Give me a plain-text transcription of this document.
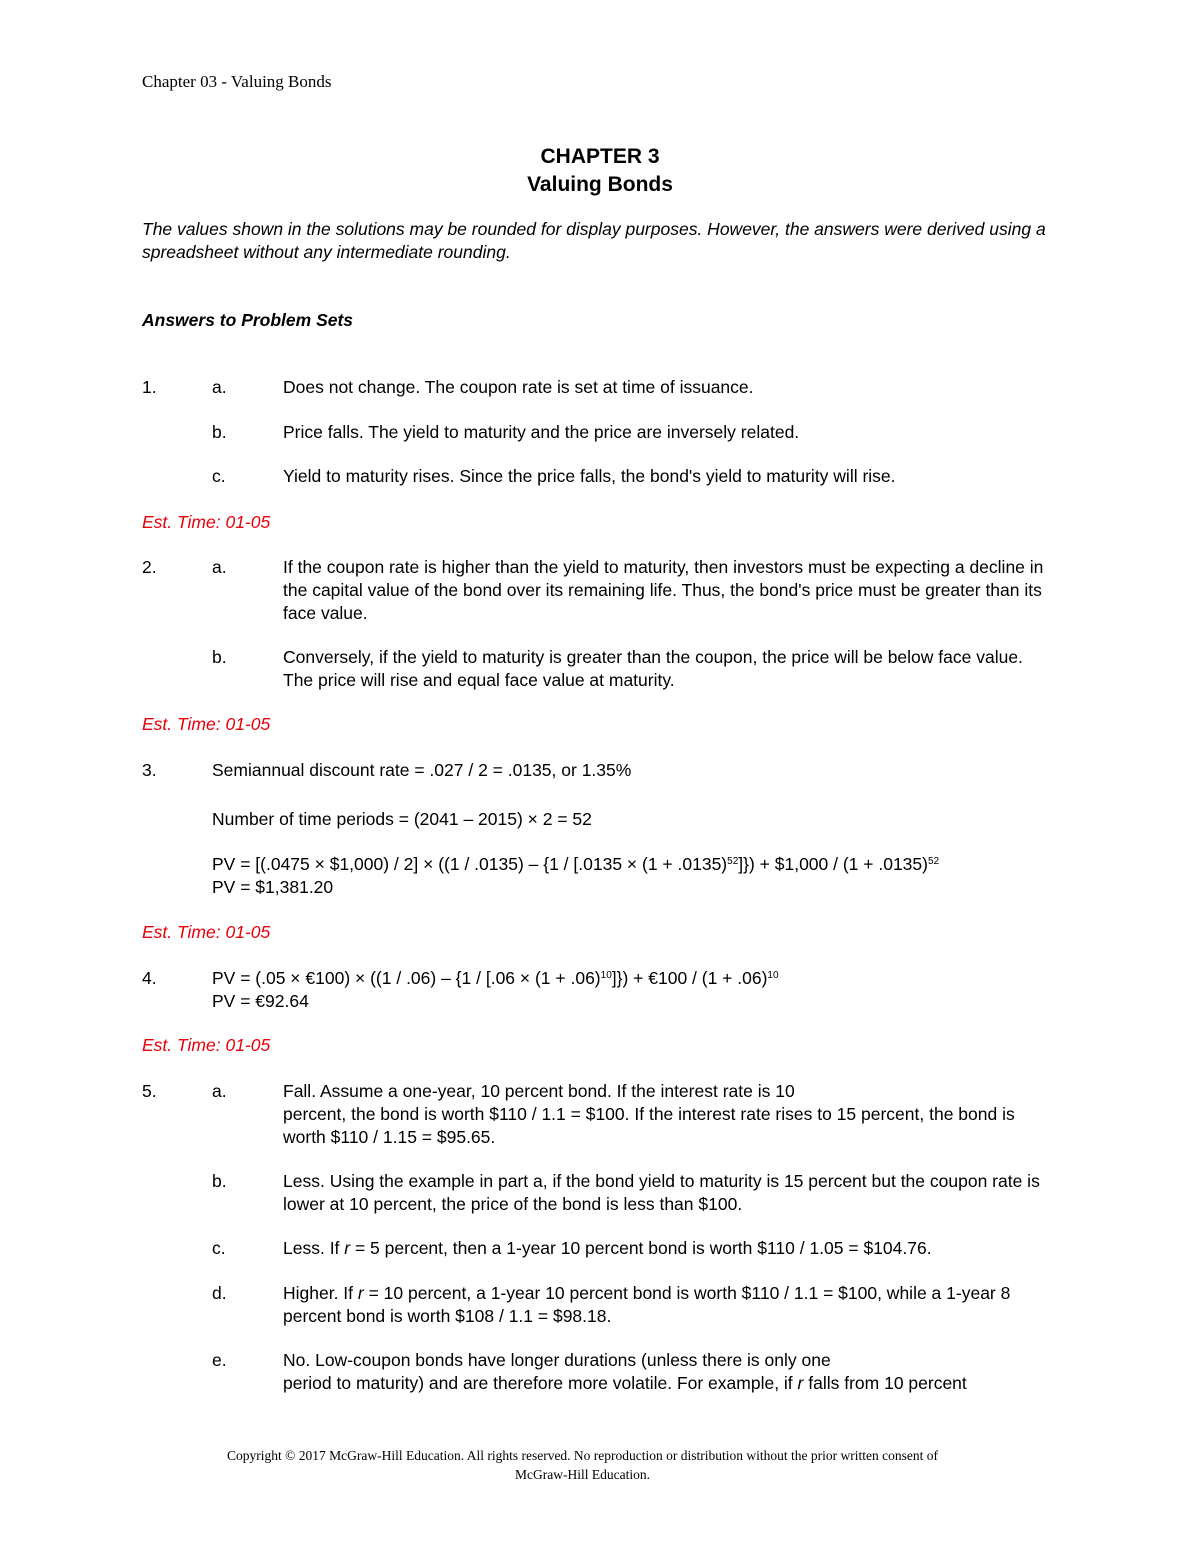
Chapter 03 - Valuing Bonds
CHAPTER 3
Valuing Bonds
The values shown in the solutions may be rounded for display purposes. However, the answers were derived using a spreadsheet without any intermediate rounding.
Answers to Problem Sets
1.	a.	Does not change. The coupon rate is set at time of issuance.
b.	Price falls. The yield to maturity and the price are inversely related.
c.	Yield to maturity rises. Since the price falls, the bond's yield to maturity will rise.
Est. Time: 01-05
2.	a.	If the coupon rate is higher than the yield to maturity, then investors must be expecting a decline in the capital value of the bond over its remaining life. Thus, the bond's price must be greater than its face value.
b.	Conversely, if the yield to maturity is greater than the coupon, the price will be below face value. The price will rise and equal face value at maturity.
Est. Time: 01-05
3.	Semiannual discount rate = .027 / 2 = .0135, or 1.35%
Number of time periods = (2041 – 2015) × 2 = 52
PV = [(.0475 × $1,000) / $2] \times ((1 / .0135) - \{1 / [.0135 \times (1 + .0135)^{52}]\})$ + $1,000 / $(1 + .0135)^{52}$
PV = $1,381.20
Est. Time: 01-05
4.	PV = (.05 × €100) × $((1 / .06) - \{1 / [.06 \times (1 + .06)^{10}]\})$ + €100 / $(1 + .06)^{10}$
PV = €92.64
Est. Time: 01-05
5.	a.	Fall. Assume a one-year, 10 percent bond. If the interest rate is 10
percent, the bond is worth $110 / 1.1 = $100. If the interest rate rises to 15 percent, the bond is worth $110 / 1.15 = $95.65.
b.	Less. Using the example in part a, if the bond yield to maturity is 15 percent but the coupon rate is lower at 10 percent, the price of the bond is less than $100.
c.	Less. If r = 5 percent, then a 1-year 10 percent bond is worth $110 / 1.05 = $104.76.
d.	Higher. If r = 10 percent, a 1-year 10 percent bond is worth $110 / 1.1 = $100, while a 1-year 8 percent bond is worth $108 / 1.1 = $98.18.
e.	No. Low-coupon bonds have longer durations (unless there is only one
period to maturity) and are therefore more volatile. For example, if r falls from 10 percent
Copyright © 2017 McGraw-Hill Education. All rights reserved. No reproduction or distribution without the prior written consent of
McGraw-Hill Education.
